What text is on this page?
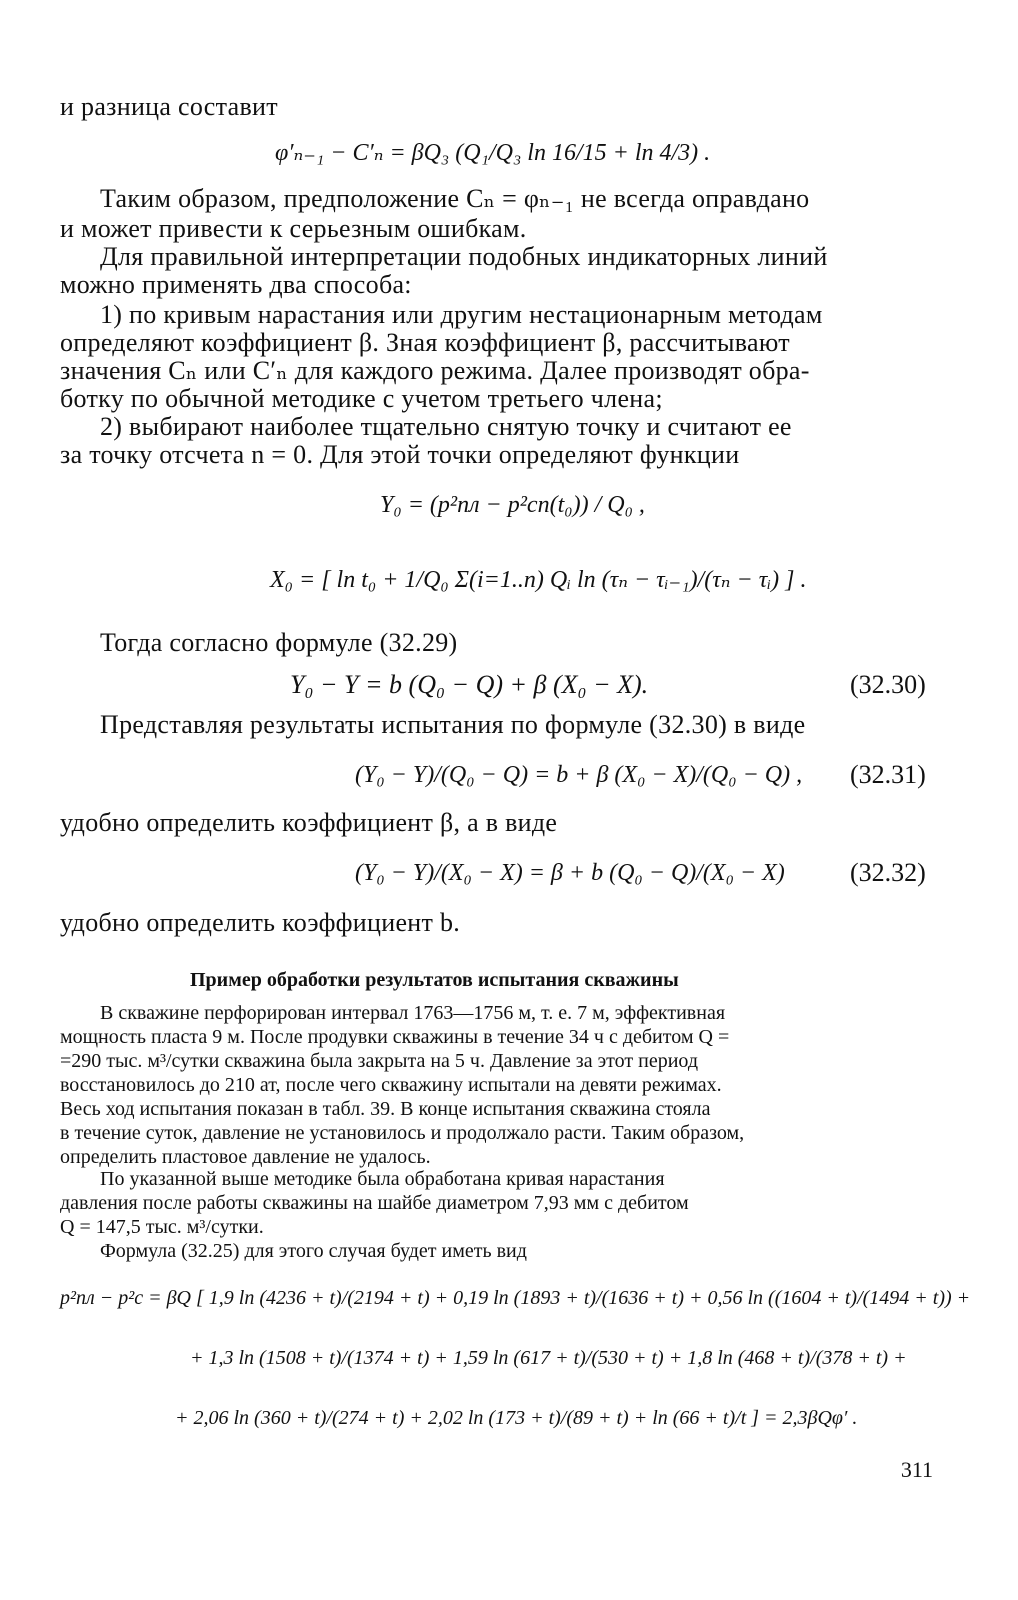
и разница составит
φ′ₙ₋₁ − C′ₙ = βQ₃ (Q₁/Q₃ ln 16/15 + ln 4/3) .
Таким образом, предположение Cₙ = φₙ₋₁ не всегда оправдано
и может привести к серьезным ошибкам.
Для правильной интерпретации подобных индикаторных линий
можно применять два способа:
1) по кривым нарастания или другим нестационарным методам
определяют коэффициент β. Зная коэффициент β, рассчитывают
значения Cₙ или C′ₙ для каждого режима. Далее производят обра-
ботку по обычной методике с учетом третьего члена;
2) выбирают наиболее тщательно снятую точку и считают ее
за точку отсчета n = 0. Для этой точки определяют функции
Y₀ = (p²пл − p²сп(t₀)) / Q₀ ,
X₀ = [ ln t₀ + 1/Q₀ Σ(i=1..n) Qᵢ ln (τₙ − τᵢ₋₁)/(τₙ − τᵢ) ] .
Тогда согласно формуле (32.29)
Y₀ − Y = b (Q₀ − Q) + β (X₀ − X).	(32.30)
Представляя результаты испытания по формуле (32.30) в виде
(Y₀ − Y)/(Q₀ − Q) = b + β (X₀ − X)/(Q₀ − Q) , (32.31)
удобно определить коэффициент β, а в виде
(Y₀ − Y)/(X₀ − X) = β + b (Q₀ − Q)/(X₀ − X)	(32.32)
удобно определить коэффициент b.
Пример обработки результатов испытания скважины
В скважине перфорирован интервал 1763—1756 м, т. е. 7 м, эффективная
мощность пласта 9 м. После продувки скважины в течение 34 ч с дебитом Q =
=290 тыс. м³/сутки скважина была закрыта на 5 ч. Давление за этот период
восстановилось до 210 ат, после чего скважину испытали на девяти режимах.
Весь ход испытания показан в табл. 39. В конце испытания скважина стояла
в течение суток, давление не установилось и продолжало расти. Таким образом,
определить пластовое давление не удалось.
По указанной выше методике была обработана кривая нарастания
давления после работы скважины на шайбе диаметром 7,93 мм с дебитом
Q = 147,5 тыс. м³/сутки.
Формула (32.25) для этого случая будет иметь вид
p²пл − p²с = βQ [ 1,9 ln (4236 + t)/(2194 + t) + 0,19 ln (1893 + t)/(1636 + t) + 0,56 ln ((1604 + t)/(1494 + t)) +
+ 1,3 ln (1508 + t)/(1374 + t) + 1,59 ln (617 + t)/(530 + t) + 1,8 ln (468 + t)/(378 + t) +
+ 2,06 ln (360 + t)/(274 + t) + 2,02 ln (173 + t)/(89 + t) + ln (66 + t)/t ] = 2,3βQφ′ .
311
